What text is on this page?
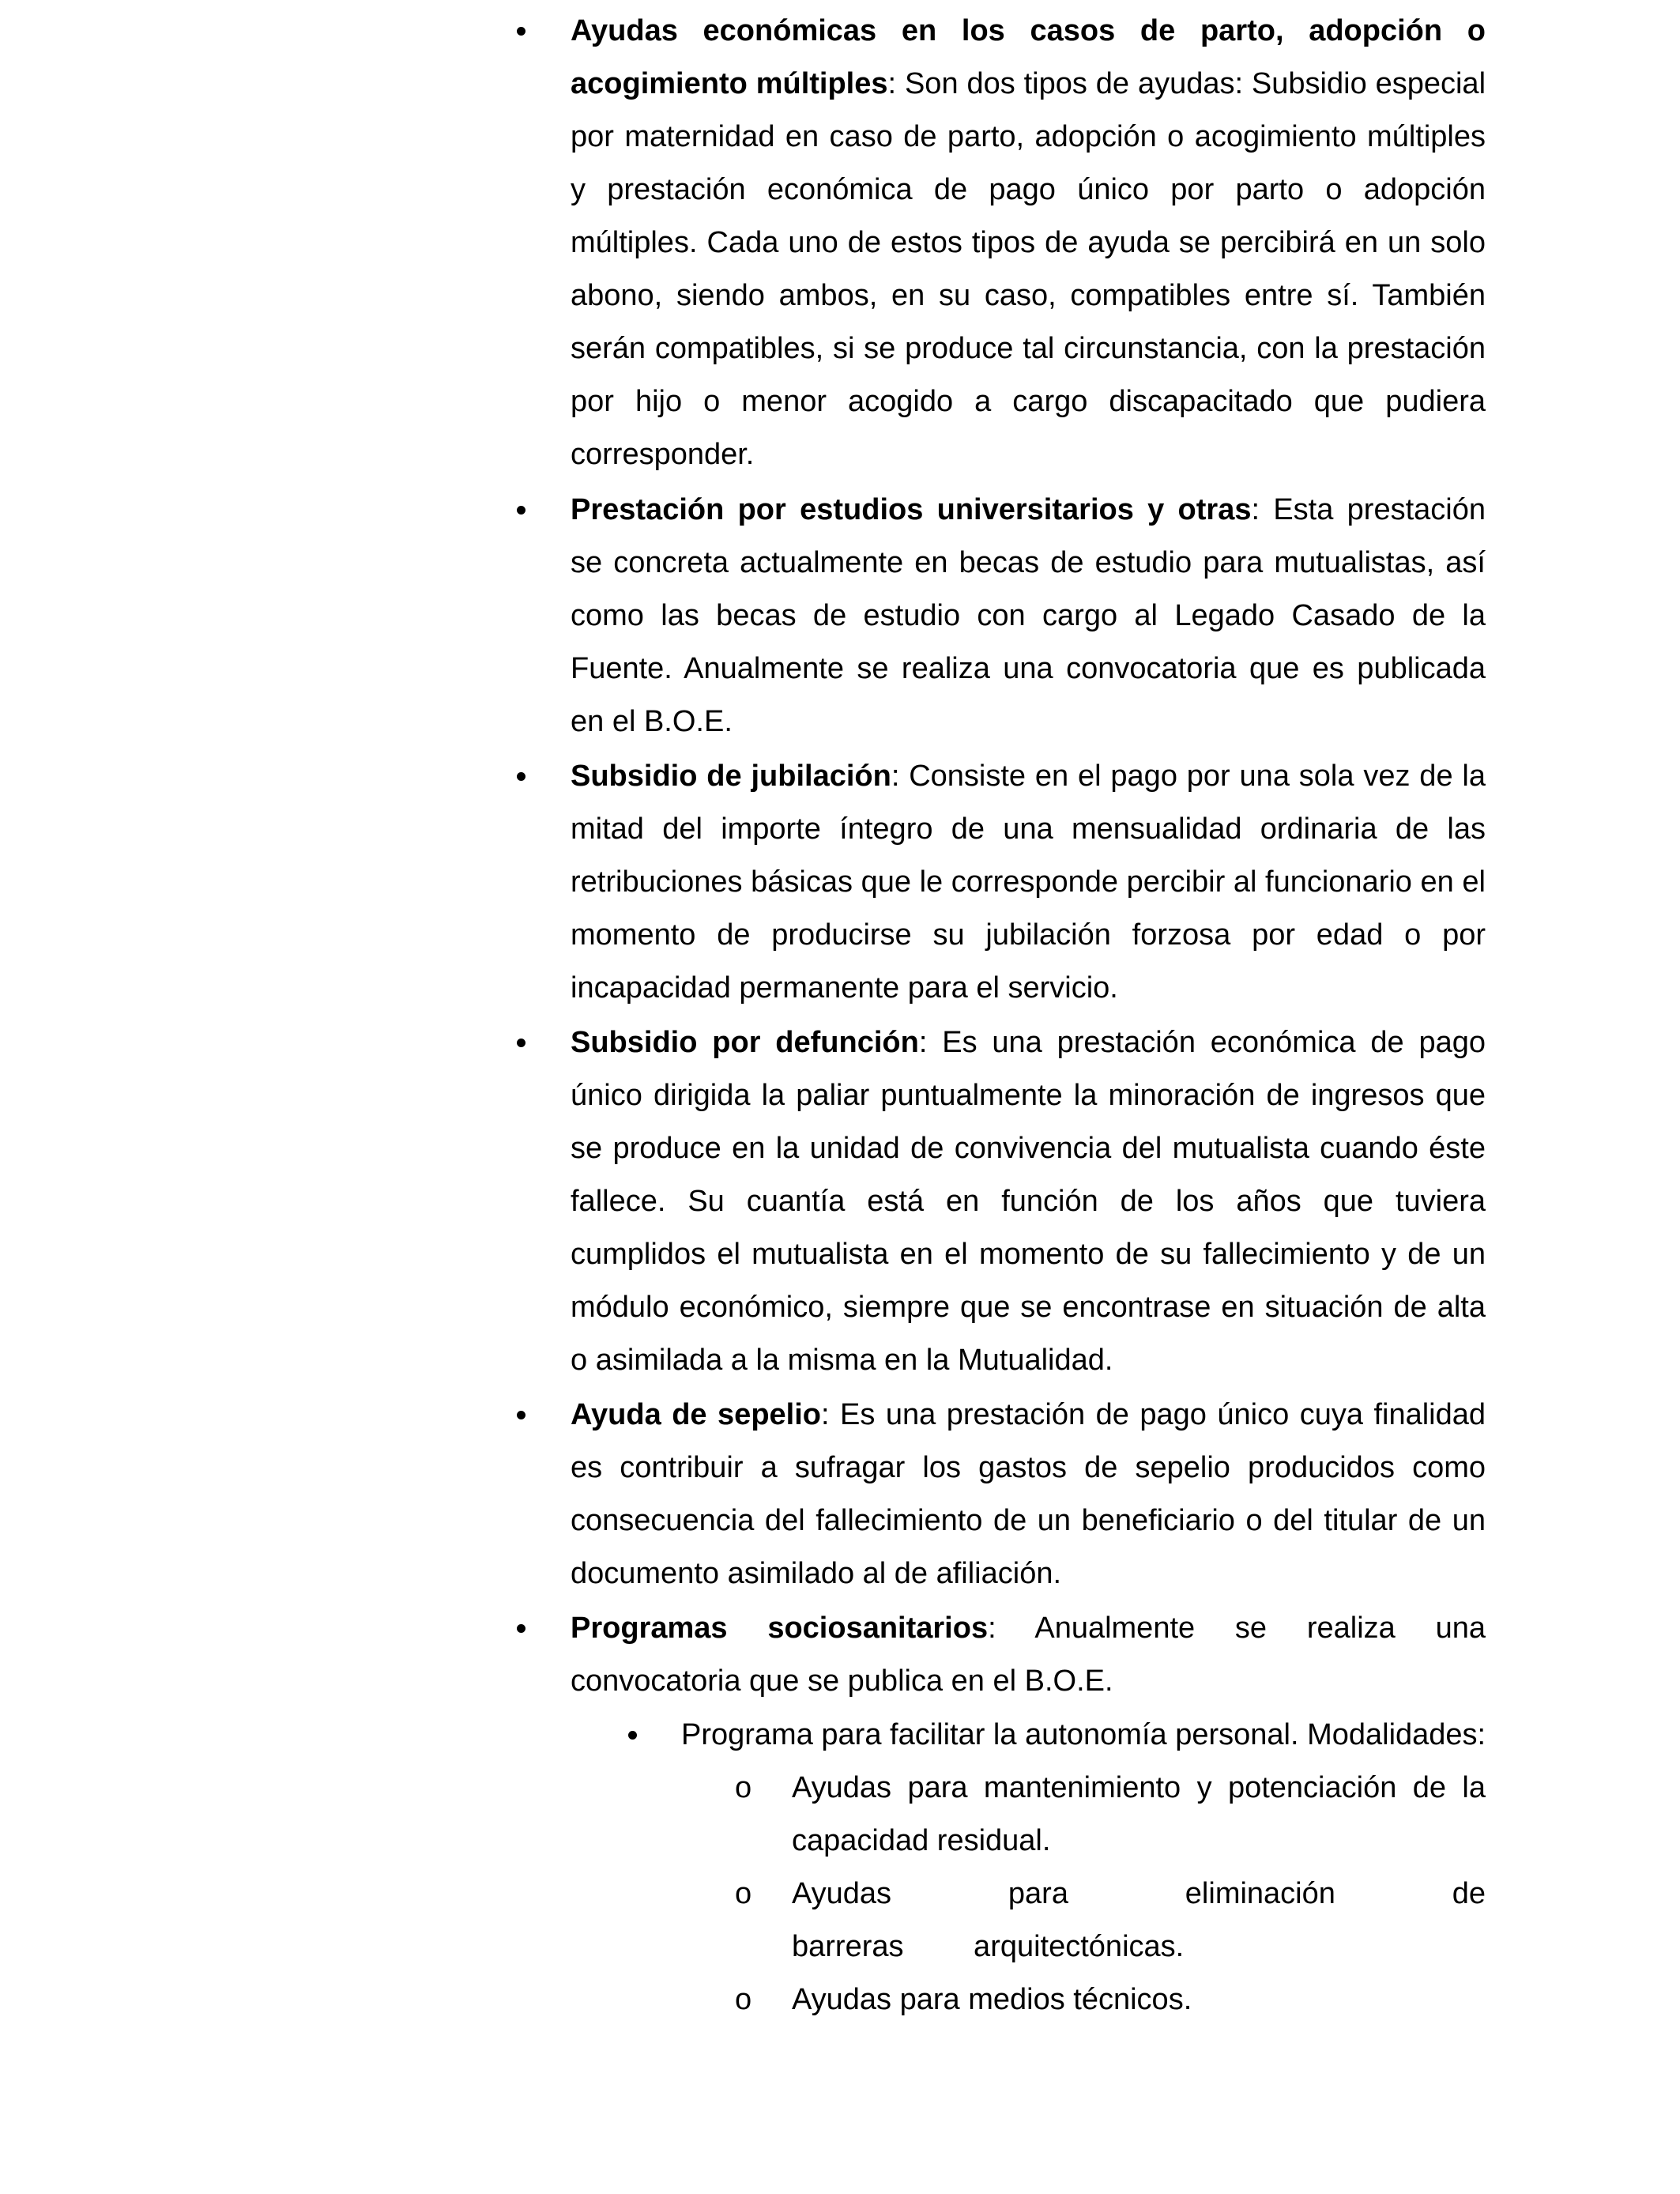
Ayudas económicas en los casos de parto, adopción o acogimiento múltiples: Son dos tipos de ayudas: Subsidio especial por maternidad en caso de parto, adopción o acogimiento múltiples y prestación económica de pago único por parto o adopción múltiples. Cada uno de estos tipos de ayuda se percibirá en un solo abono, siendo ambos, en su caso, compatibles entre sí. También serán compatibles, si se produce tal circunstancia, con la prestación por hijo o menor acogido a cargo discapacitado que pudiera corresponder.
Prestación por estudios universitarios y otras: Esta prestación se concreta actualmente en becas de estudio para mutualistas, así como las becas de estudio con cargo al Legado Casado de la Fuente. Anualmente se realiza una convocatoria que es publicada en el B.O.E.
Subsidio de jubilación: Consiste en el pago por una sola vez de la mitad del importe íntegro de una mensualidad ordinaria de las retribuciones básicas que le corresponde percibir al funcionario en el momento de producirse su jubilación forzosa por edad o por incapacidad permanente para el servicio.
Subsidio por defunción: Es una prestación económica de pago único dirigida la paliar puntualmente la minoración de ingresos que se produce en la unidad de convivencia del mutualista cuando éste fallece. Su cuantía está en función de los años que tuviera cumplidos el mutualista en el momento de su fallecimiento y de un módulo económico, siempre que se encontrase en situación de alta o asimilada a la misma en la Mutualidad.
Ayuda de sepelio: Es una prestación de pago único cuya finalidad es contribuir a sufragar los gastos de sepelio producidos como consecuencia del fallecimiento de un beneficiario o del titular de un documento asimilado al de afiliación.
Programas sociosanitarios: Anualmente se realiza una convocatoria que se publica en el B.O.E.
Programa para facilitar la autonomía personal. Modalidades:
o Ayudas para mantenimiento y potenciación de la capacidad residual.
o Ayudas para eliminación de barreras arquitectónicas.
o Ayudas para medios técnicos.
